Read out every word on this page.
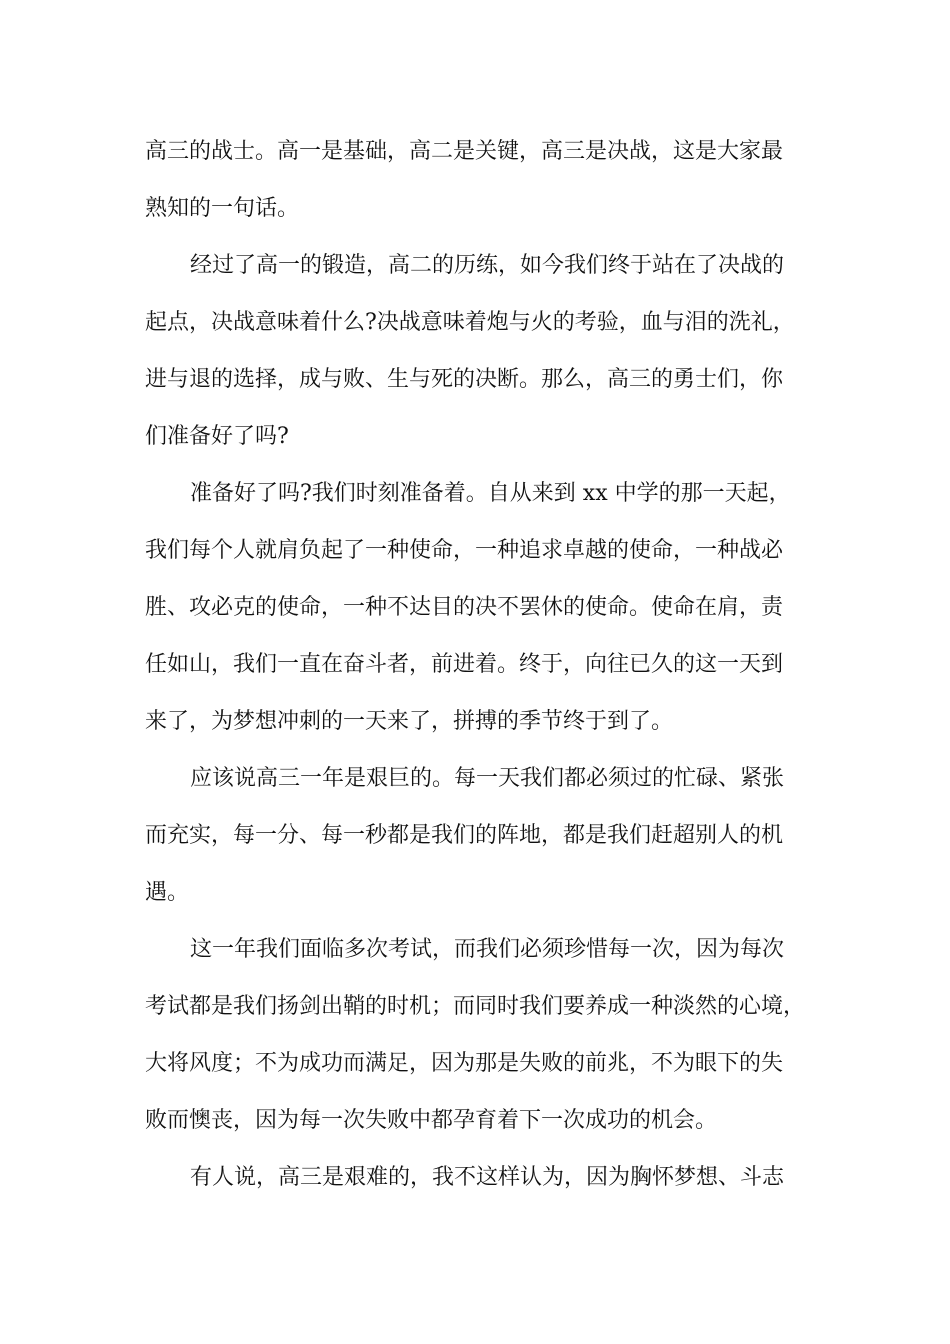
高三的战士。高一是基础，高二是关键，高三是决战，这是大家最
熟知的一句话。
经过了高一的锻造，高二的历练，如今我们终于站在了决战的
起点，决战意味着什么?决战意味着炮与火的考验，血与泪的洗礼，
进与退的选择，成与败、生与死的决断。那么，高三的勇士们，你
们准备好了吗?
准备好了吗?我们时刻准备着。自从来到 xx 中学的那一天起，
我们每个人就肩负起了一种使命，一种追求卓越的使命，一种战必
胜、攻必克的使命，一种不达目的决不罢休的使命。使命在肩，责
任如山，我们一直在奋斗者，前进着。终于，向往已久的这一天到
来了，为梦想冲刺的一天来了，拼搏的季节终于到了。
应该说高三一年是艰巨的。每一天我们都必须过的忙碌、紧张
而充实，每一分、每一秒都是我们的阵地，都是我们赶超别人的机
遇。
这一年我们面临多次考试，而我们必须珍惜每一次，因为每次
考试都是我们扬剑出鞘的时机；而同时我们要养成一种淡然的心境，
大将风度；不为成功而满足，因为那是失败的前兆，不为眼下的失
败而懊丧，因为每一次失败中都孕育着下一次成功的机会。
有人说，高三是艰难的，我不这样认为，因为胸怀梦想、斗志
